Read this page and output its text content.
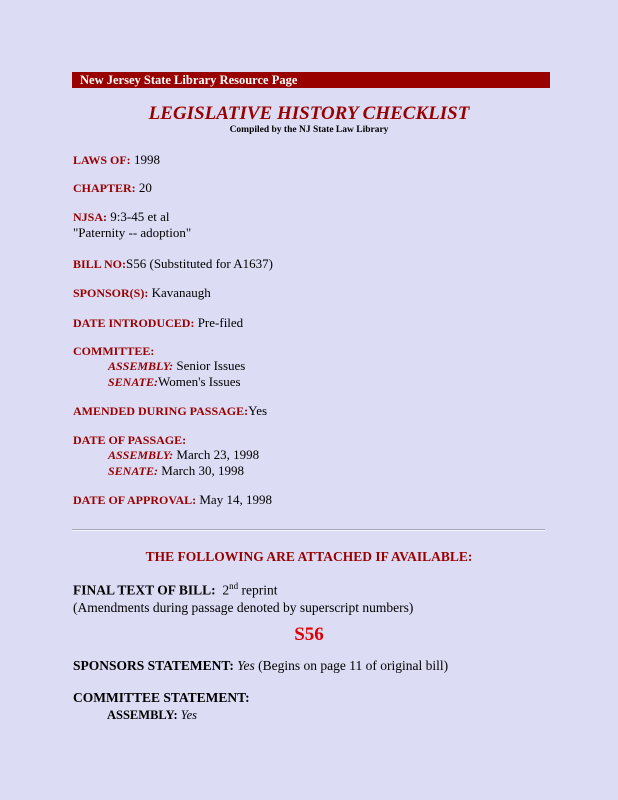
New Jersey State Library Resource Page
LEGISLATIVE HISTORY CHECKLIST
Compiled by the NJ State Law Library
LAWS OF: 1998
CHAPTER: 20
NJSA: 9:3-45 et al
"Paternity -- adoption"
BILL NO:S56 (Substituted for A1637)
SPONSOR(S): Kavanaugh
DATE INTRODUCED: Pre-filed
COMMITTEE:
ASSEMBLY: Senior Issues
SENATE:Women's Issues
AMENDED DURING PASSAGE:Yes
DATE OF PASSAGE:
ASSEMBLY: March 23, 1998
SENATE: March 30, 1998
DATE OF APPROVAL: May 14, 1998
THE FOLLOWING ARE ATTACHED IF AVAILABLE:
FINAL TEXT OF BILL: 2nd reprint
(Amendments during passage denoted by superscript numbers)
S56
SPONSORS STATEMENT: Yes (Begins on page 11 of original bill)
COMMITTEE STATEMENT:
ASSEMBLY: Yes
